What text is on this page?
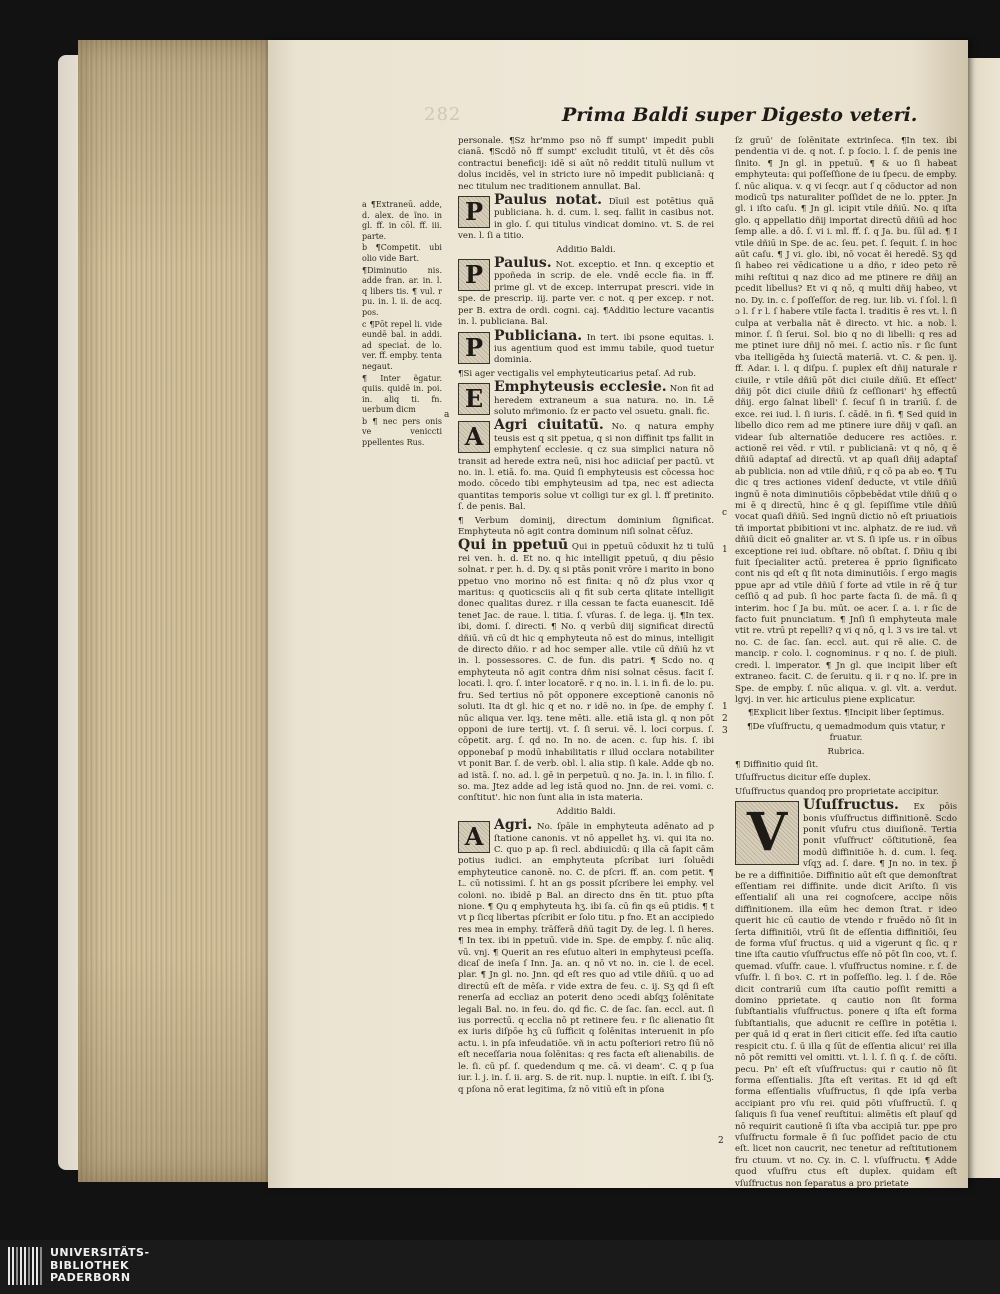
282	Prima Baldi super Digesto veteri.

a ¶Extraneū. adde, d. alex. de ĩno. in gl. ff. in cōl. ff. iii. parte.

b ¶Competit. ubi olio vide Bart.

¶Diminutio nis. adde fran. ar. in. l. q libers tis. ¶ vul. r pu. in. l. ii. de acq. pos.

c ¶Pōt repel li. vide eundē bal. in addi. ad speciaṫ. de lo. ver. ff. empby. tenta negaut.

¶ Inter ẽgatur. quiis. quidē in. poi. in. aliq ti. fn. uerbum dicm

b ¶ nec pers onis ve veniccti ppellentes Rus.

personale. ¶Sz hr'mmo pso nō ff sumpt' impedit publi cianā. ¶Scdō nō ff sumpt' excludit titulū, vt ēt dēs cōs contractui beneficij: idē si aūt nō reddit titulū nullum vt dolus incidēs, vel in stricto iure nō impedit publicianā: q nec titulum nec traditionem annullat. Bal.

P Paulus notat. Dīuil est potētius quā publiciana. h. d. cum. l. seq. fallit in casibus not. in glo. ſ. qui titulus vindicat domino. vt. S. de rei ven. l. ſi a titio.

Additio Baldi.

P Paulus. Not. exceptio. et Inn. q exceptio et ppoñeda in scrip. de ele. vndē eccle fia. in ff. prime gl. vt de excep. interrupat prescri. vide in spe. de prescrip. iij. parte ver. c not. q per excep. r not. per B. extra de ordi. cogni. caj. ¶Additio lecture vacantis in. l. publiciana. Bal.

P Publiciana. In tert. ibi psone equitas. i. ius agentium quod est immu tabile, quod tuetur dominia.

¶Si ager vectigalis vel emphyteuticarius petaſ. Ad rub.

E Emphyteusis ecclesie. Non fit ad heredem extraneum a sua natura. no. in. Lē soluto mŕimonio. ſz er pacto vel ɔsuetu. gnali. fic.

A Agri ciuitatū. No. q natura emphy teusis est q sit ppetua, q si non diffinit tps fallit in emphytenſ ecclesie. q cz sua simplici natura nō transit ad herede extra neū, nisi hoc adiiciaſ per pactū. vt no. in. l. etiā. fo. ma. Quid ſi emphyteusis est cōcessa hoc modo. cōcedo tibi emphyteusim ad tpa, nec est adiecta quantitas temporis solue vt colligi tur ex gl. l. ff pretinito. ſ. de penis. Bal.

¶ Verbum dominij, directum dominium ſignificat. Emphyteuta nō agit contra dominum niſi solnat cēſuz.

Qui in ppetuū Qui in ppetuū cōduxit hz ti tulū rei ven. h. d. Et no. q hic intelligit ppetuū, q diu pēsio solnat. r per. h. d. Dy. q si ptās ponit vrōre i marito in bono ppetuo vno morino nō est finita: q nō ɗz plus vxor q maritus: q quoticsciis ali q fit sub certa qlitate intelligit donec qualitas durez. r illa cessan te facta euanescit. Idē tenet Jac. de raue. l. titia. ſ. vſuras. ſ. de lega. ij. ¶In tex. ibi, domi. ſ. directi. ¶ No. q verbū diij significat directū dñiū. vñ cū dt hic q emphyteuta nō est do minus, intelligit de directo dñio. r ad hoc semper alle. vtile cū dñiū hz vt in. l. possessores. C. de fun. dis patri. ¶ Scdo no. q emphyteuta nō agit contra dñm nisi solnat cēsus. facit ſ. locati. l. qro. ſ. inter locatorē. r q no. in. l. i. in fi. de lo. pu. fru. Sed tertius nō pōt opponere exceptionē canonis nō soluti. Ita dt gl. hic q et no. r idē no. in ſpe. de emphy ſ. nūc aliqua ver. lqȝ. tene mēti. alle. etiā ista gl. q non pōt opponi de iure tertij. vt. ſ. ſi serui. vē. l. loci corpus. ſ. cōpetit. arg. ſ. qd no. In no. de acen. c. ſup his. ſ. ibi opponebaſ p modū inhabilitatis r illud occlara notabiliter vt ponit Bar. ſ. de verb. obl. l. alia stip. ſi kale. Adde qb no. ad istā. ſ. no. ad. l. gē in perpetuū. q no. Ja. in. l. in filio. ſ. so. ma. Jtez adde ad leg istā quod no. Jnn. de rei. vomi. c. conſtitut'. hic non ſunt alia in ista materia.

Additio Baldi.

A Agri. No. ſpāle in emphyteuta adēnato ad p ſtatione canonis. vt nō appellet hʒ. vi. qui ita no. C. quo p ap. ſi recl. abdiuicdū: q illa cā ſapit cām potius iudici. an emphyteuta pſcribat iuri ſoluēdi emphyteutice canonē. no. C. de pſcri. ff. an. com petit. ¶ L. cū notissimi. ſ. ht an gs possit pſcribere lei emphy. vel coloni. no. ibidē p Bal. an directo dns ēn tit. ptuo pſta nione. ¶ Qu q emphyteuta hʒ. ibi ſa. cū fin qs eū ptidis. ¶ t vt p ſicq libertas pſcribit er ſolo titu. p fno. Et an accipiedo res mea in emphy. trāſferā dñū tagit Dy. de leg. l. ſi heres. ¶ In tex. ibi in ppetuū. vide in. Spe. de empby. ſ. nūc aliq. vū. vnj. ¶ Querit an res eſutuo alteri in emphyteusi pceſſa. dicaſ de ineſa ſ Inn. Ja. an. q nō vt no. in. cie l. de ecel. plar. ¶ Jn gl. no. Jnn. qd eſt res quo ad vtile dñiū. q uo ad directū eſt de mēſa. r vide extra de feu. c. ij. Sʒ qd ſi eſt renerſa ad eccliaz an poterit deno ɔcedi abſqʒ ſolēnitate legali Bal. no. in feu. do. qd fic. C. de ſac. ſan. eccl. aut. ſi ius porrectū. q ecclia nō pt retinere feu. r ſic alienatio ſit ex iuris diſpōe hʒ cū ſufficit q ſolēnitas interuenit in pſo actu. i. in pſa infeudatiōe. vñ in actu poſteriori retro ſiū nō eſt neceſſaria noua ſolēnitas: q res facta eſt alienabilis. de le. ſi. cū pſ. ſ. quedendum q me. cā. vi deam'. C. q p ſua iur. l. j. in. ſ. ii. arg. S. de rit. nup. l. nuptie. in eiſt. ſ. ibi ſʒ. q pſona nō erat legitima, ſz nō vitiū eſt in pſona

ſz gruū' de ſolēnitate extrinſeca. ¶In tex. ibi pendentia vi de. q not. ſ. p ſocio. l. ſ. de penis ine ſinito. ¶ Jn gl. in ppetuū. ¶ & uo ſi habeat emphyteuta: qui poſſeſſione de iu ſpecu. de empby. ſ. nūc aliqua. v. q vi ſecqr. aut ſ q cōductor ad non modicū tps naturaliter poſſidet de ne lo. ppter. Jn gl. i iſto caſu. ¶ Jn gl. icipit vtile dñiū. No. q iſta glo. q appellatio dñij importat directū dñiū ad hoc ſemp alle. a dō. ſ. vi i. ml. ff. ſ. q Ja. bu. ſūl ad. ¶ I vtile dñiū in Spe. de ac. ſeu. pet. ſ. ſequit. ſ. in hoc aūt caſu. ¶ J vi. glo. ibi, nō vocat ēi heredē. Sʒ qd ſi habeo rei vēdicatione u a dño, r ideo peto rē mihi reſtitui q naz dico ad me ptinere re dñij an pcedit libellus? Et vi q nō, q multi dñij habeo, vt no. Dy. in. c. ſ poſſeſſor. de reg. iur. lib. vi. ſ ſol. l. ſi ɔ l. ſ r l. ſ habere vtile facta l. traditis ē res vt. l. ſi culpa at verbalia nāt ẽ directo. vt hic. a nob. l. minor. ſ. ſi ſerui. Sol. bio q no di libelli: q res ad me ptinet iure dñij nō mei. ſ. actio nīs. r ſic ſunt vba itelligēda hʒ ſuiectā materiā. vt. C. & pen. ij. ff. Adar. i. l. q diſpu. ſ. puplex eſt dñij naturale r ciuile, r vtile dñiū pōt dici ciuile dñiū. Et eſſect' dñij pōt dici ciuile dñiū ſz ceſſionari' hʒ effectū dñij. ergo ſalnat libell' ſ. ſecuſ ſi in trariū. ſ. de exce. rei iud. l. ſi iuris. ſ. cādē. in fi. ¶ Sed quid in libello dico rem ad me ptinere iure dñij v qaſi. an videar ſub alternatiōe deducere res actiões. r. actionē rei vēd. r vtil. r publicianā: vt q nō, q ē dñiū adaptaſ ad directū. vt ap quaſi dñij adaptaſ ab publicia. non ad vtile dñiū, r q cō pa ab eo. ¶ Tu dic q tres actiones videnſ deducte, vt vtile dñiū ingnū ē nota diminutiōis cōpbebēdat vtile dñiū q o mi ē q directū, hinc ē q gl. ſepiſſime vtile dñiū vocat quaſi dñiū. Sed ingnū dictio nō eſt priuatiois tñ importat pbibitioni vt inc. alphatz. de re iud. vñ dñiū dicit eō gnaliter ar. vt S. ſi ipſe us. r in oībus exceptione rei iud. obſtare. nō obſtat. ſ. Dñiu q ibi fuit ſpecialiter actū. preterea ē pprio ſignificato cont nis qd eſt q ſit nota diminutiōis. ſ ergo magis ppue apr ad vtile dñiū ſ forte ad vtile in rē q̄ tur ceſſiō q ad pub. ſi hoc parte facta ſi. de mā. ſi q interim. hoc ſ Ja bu. mūt. oe acer. ſ. a. i. r ſic de facto fuit pnunciatum. ¶ Jnſi ſi emphyteuta male vtit re. vtrū pt repelli? q vi q nō, q l. 3 vs ire tal. vt no. C. de ſac. ſan. eccl. aut. qui rē alie. C. de mancip. r colo. l. cognominus. r q no. ſ. de piuli. credi. l. imperator. ¶ Jn gl. que incipit liber eſt extraneo. facit. C. de ſeruitu. q ii. r q no. lſ. pre in Spe. de empby. ſ. nūc aliqua. v. gl. vlt. a. verdut. lgvj. in ver. hic articulus piene explicatur.

¶Explicit liber ſextus. ¶Incipit liber ſeptimus.

¶De vſuſfructu, q uemadmodum quis vtatur, r fruatur.

Rubrica.

¶ Diffinitio quid ſit.

Uſuſfructus dicitur eſſe duplex.

Uſuſfructus quandoq pro proprietate accipitur.

V	Uſuſfructus. Ex pōis bonis vſuſfructus diffinitionē. Scdo ponit vſufru ctus diuiſionē. Tertia ponit vſuſfruct' cōſtitutionē, ſea modū diffinitiōe h. d. cum. l. ſeq. vſqʒ ad. ſ. dare. ¶ Jn no. in tex. p̄ be re a diffinitiōe. Diffinitio aūt eſt que demonſtrat eſſentiam rei diffinite. unde dicit Ariſto. ſi vis eſſentialiſ ali una rei cognoſcere, accipe nōis diffinitionem. illa eūm hec demon ſtrat. r ideo querit hic cū cautio de vtendo r fruēdo nō ſit in ſerta diffinitiōi, vtrū ſit de eſſentia diffinitiōi, ſeu de forma vſuſ fructus. q uid a vigerunt q ſic. q r tine iſta cautio vſuſfructus eſſe nō pōt ſin coo, vt. ſ. quemad. vſuſfr. caue. l. vſuſfructus nomine. r. ſ. de vſuſfr. l. ſi boꝛ. C. rt in poſſeſſio. leg. l. ſ de. Rōe dicit contrariū cum iſta cautio poſſit remitti a domino pprietate. q cautio non ſit forma ſubſtantialis vſuſfructus. ponere q iſta eſt forma ſubſtantialis, que aducnit re ceſſire in potētia i. per quā id q erat in ſieri citicit eſſe. ſed iſta cautio respicit ctu. ſ. ū illa q ſūt de eſſentia alicui' rei illa nō pōt remitti vel omitti. vt. l. l. ſ. ſi q. ſ. de cōſti. pecu. Pn' eſt eſt vſuſfructus: qui r cautio nō ſit forma eſſentialis. Jſta eſt veritas. Et id qd eſt forma eſſentialis vſuſfructus, ſi qde ipſa verba accipiant pro vſu rei. quid pōti vſuſfructū. ſ. q ſaliquis ſi ſua veneſ reuſtitui: alimētis eſt plauſ qd nō requirit cautionē ſi iſta vba accipiā tur. ppe pro vſuſfructu formale ē ſi ſuc poſſidet pacio de ctu eſt. licet non caucrit, nec tenetur ad reſtitutionem fru ctuum. vt no. Cy. in. C. l. vſuſfructu. ¶ Adde quod vſuſfru ctus eſt duplex. quidam eſt vſuſfructus non ſeparatus a pro prietate

a
c
1
1
2
3
2
UNIVERSITÄTS-
BIBLIOTHEK
PADERBORN
